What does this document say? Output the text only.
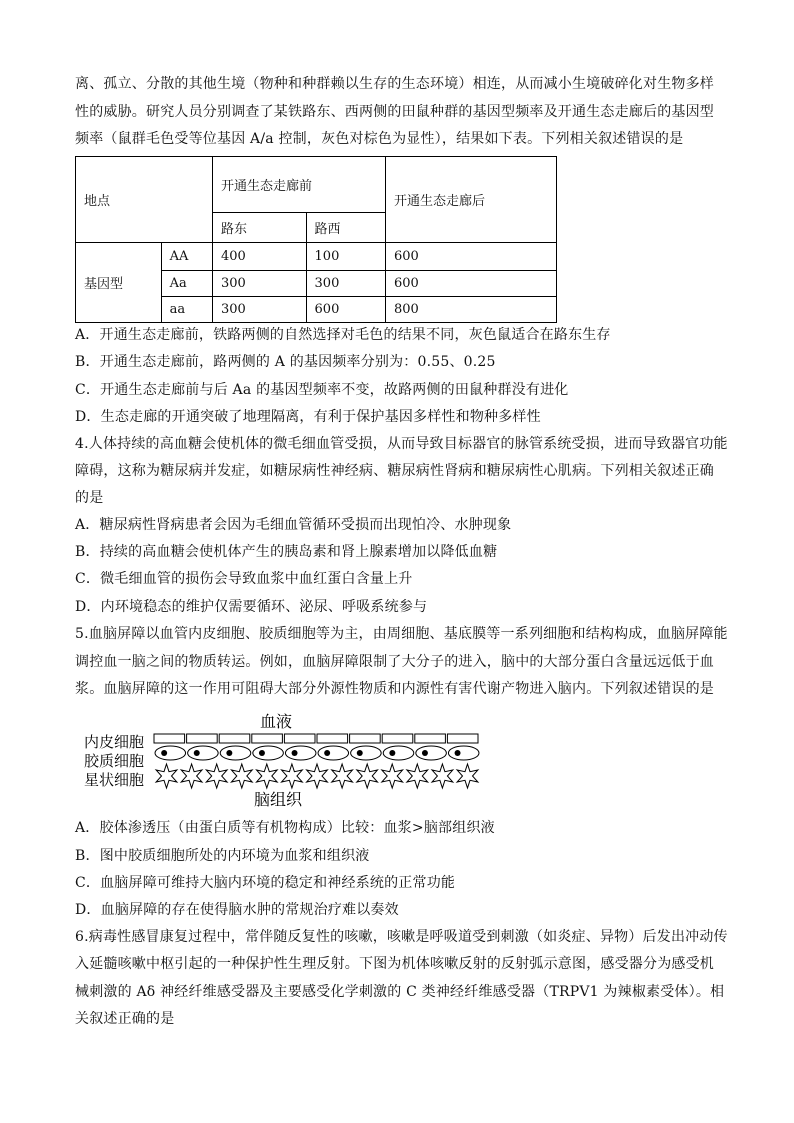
离、孤立、分散的其他生境（物种和种群赖以生存的生态环境）相连，从而减小生境破碎化对生物多样
性的威胁。研究人员分别调查了某铁路东、西两侧的田鼠种群的基因型频率及开通生态走廊后的基因型
频率（鼠群毛色受等位基因 A/a 控制，灰色对棕色为显性），结果如下表。下列相关叙述错误的是
地点		开通生态走廊前		开通生态走廊后
		路东	路西	
基因型	AA	400	100	600
	Aa	300	300	600
	aa	300	600	800
A．开通生态走廊前，铁路两侧的自然选择对毛色的结果不同，灰色鼠适合在路东生存
B．开通生态走廊前，路两侧的 A 的基因频率分别为：0.55、0.25
C．开通生态走廊前与后 Aa 的基因型频率不变，故路两侧的田鼠种群没有进化
D．生态走廊的开通突破了地理隔离，有利于保护基因多样性和物种多样性
4.人体持续的高血糖会使机体的微毛细血管受损，从而导致目标器官的脉管系统受损，进而导致器官功能
障碍，这称为糖尿病并发症，如糖尿病性神经病、糖尿病性肾病和糖尿病性心肌病。下列相关叙述正确
的是
A．糖尿病性肾病患者会因为毛细血管循环受损而出现怕冷、水肿现象
B．持续的高血糖会使机体产生的胰岛素和肾上腺素增加以降低血糖
C．微毛细血管的损伤会导致血浆中血红蛋白含量上升
D．内环境稳态的维护仅需要循环、泌尿、呼吸系统参与
5.血脑屏障以血管内皮细胞、胶质细胞等为主，由周细胞、基底膜等一系列细胞和结构构成，血脑屏障能
调控血一脑之间的物质转运。例如，血脑屏障限制了大分子的进入，脑中的大部分蛋白含量远远低于血
浆。血脑屏障的这一作用可阻碍大部分外源性物质和内源性有害代谢产物进入脑内。下列叙述错误的是
血液
内皮细胞
胶质细胞
星状细胞
脑组织
A．胶体渗透压（由蛋白质等有机物构成）比较：血浆>脑部组织液
B．图中胶质细胞所处的内环境为血浆和组织液
C．血脑屏障可维持大脑内环境的稳定和神经系统的正常功能
D．血脑屏障的存在使得脑水肿的常规治疗难以奏效
6.病毒性感冒康复过程中，常伴随反复性的咳嗽，咳嗽是呼吸道受到刺激（如炎症、异物）后发出冲动传
入延髓咳嗽中枢引起的一种保护性生理反射。下图为机体咳嗽反射的反射弧示意图，感受器分为感受机
械刺激的 Aδ 神经纤维感受器及主要感受化学刺激的 C 类神经纤维感受器（TRPV1 为辣椒素受体）。相
关叙述正确的是
